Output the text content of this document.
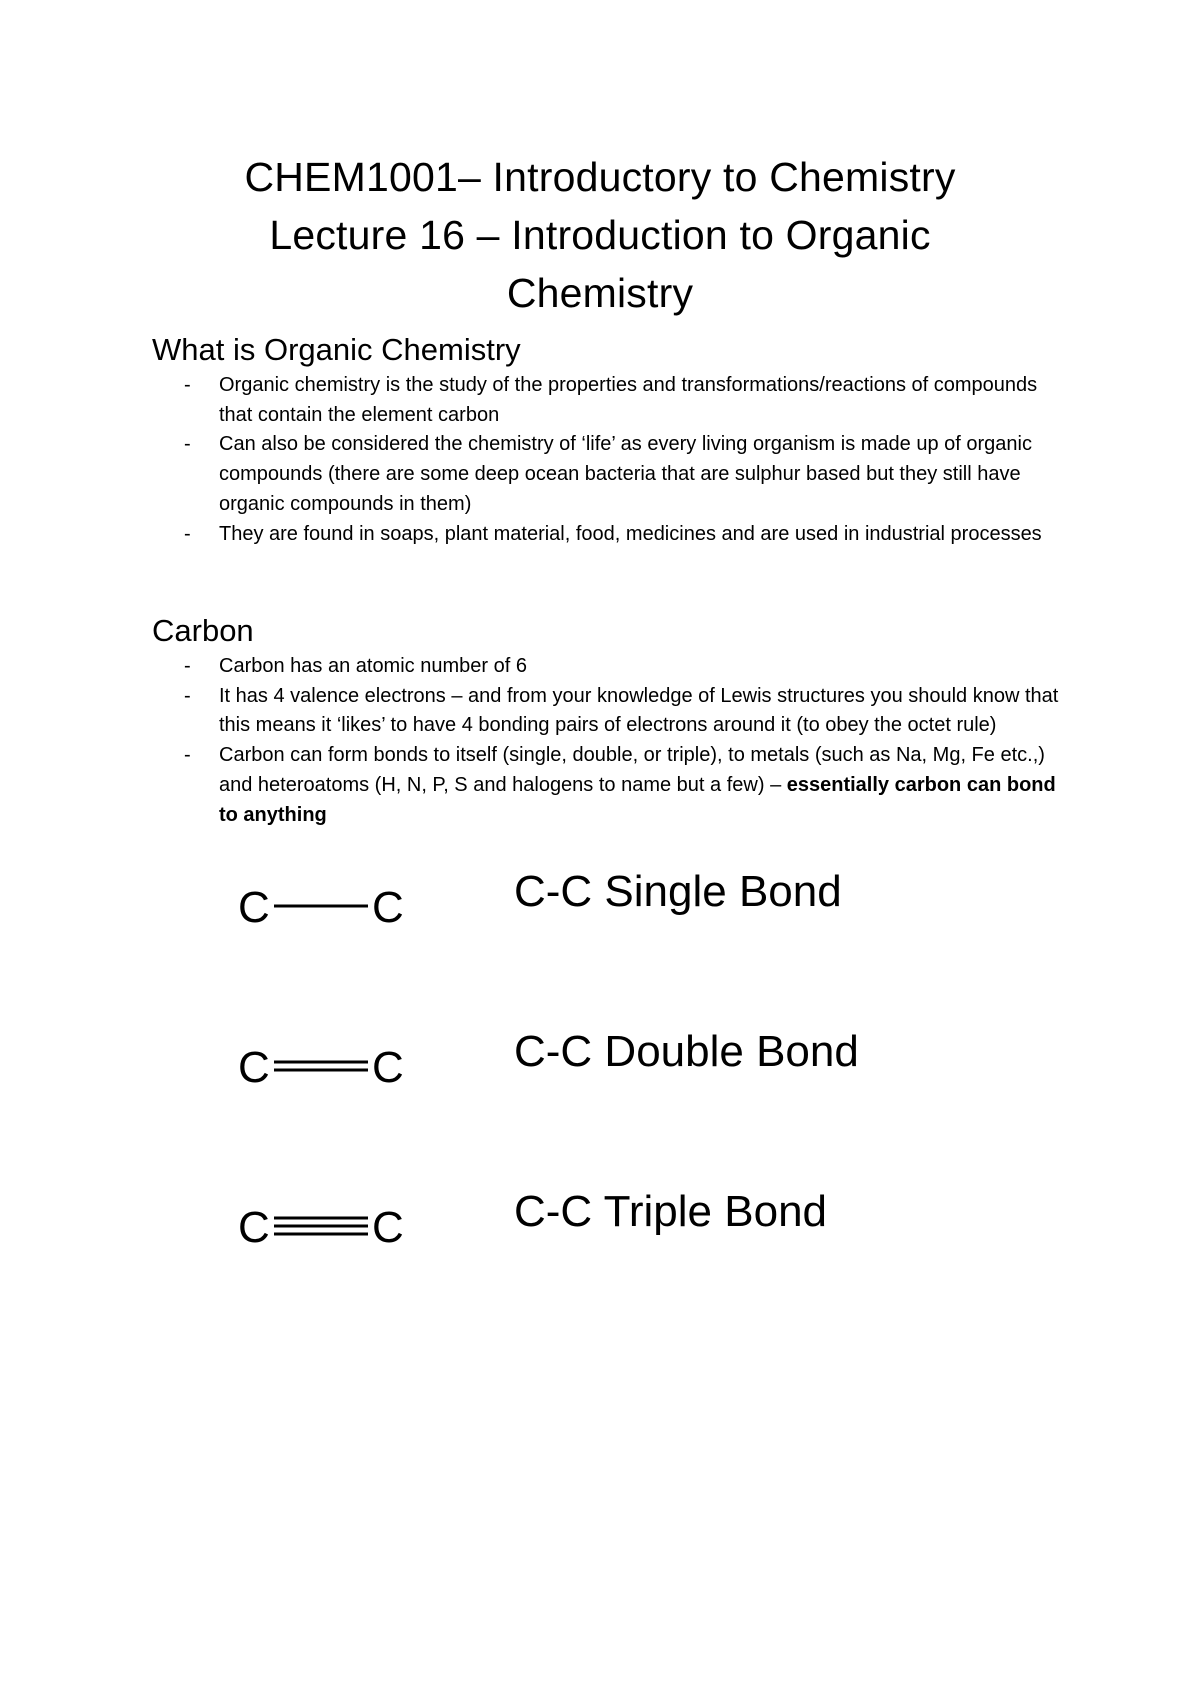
CHEM1001– Introductory to Chemistry
Lecture 16 – Introduction to Organic
Chemistry
What is Organic Chemistry
- Organic chemistry is the study of the properties and transformations/reactions of compounds that contain the element carbon
- Can also be considered the chemistry of ‘life’ as every living organism is made up of organic compounds (there are some deep ocean bacteria that are sulphur based but they still have organic compounds in them)
- They are found in soaps, plant material, food, medicines and are used in industrial processes
Carbon
- Carbon has an atomic number of 6
- It has 4 valence electrons – and from your knowledge of Lewis structures you should know that this means it ‘likes’ to have 4 bonding pairs of electrons around it (to obey the octet rule)
- Carbon can form bonds to itself (single, double, or triple), to metals (such as Na, Mg, Fe etc.,) and heteroatoms (H, N, P, S and halogens to name but a few) – essentially carbon can bond to anything
C C	C-C Single Bond
C C	C-C Double Bond
C C	C-C Triple Bond
